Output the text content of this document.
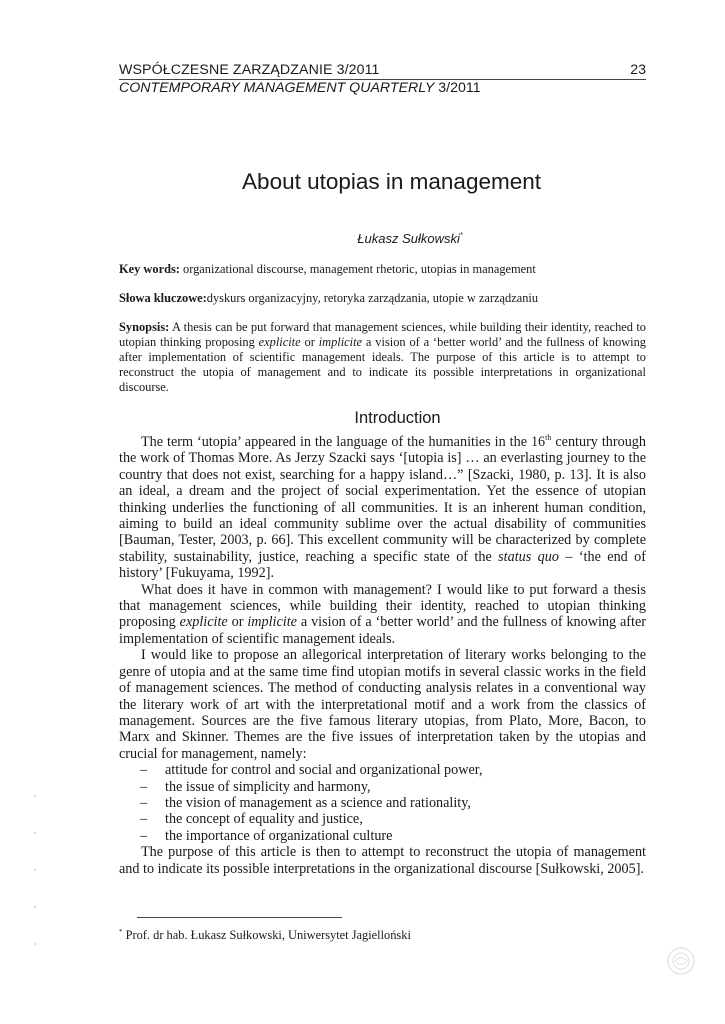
WSPÓŁCZESNE ZARZĄDZANIE 3/2011	23
CONTEMPORARY MANAGEMENT QUARTERLY 3/2011
About utopias in management
Łukasz Sułkowski*
Key words: organizational discourse, management rhetoric, utopias in management
Słowa kluczowe:dyskurs organizacyjny, retoryka zarządzania, utopie w zarządzaniu
Synopsis: A thesis can be put forward that management sciences, while building their identity, reached to utopian thinking proposing explicite or implicite a vision of a ‘better world’ and the fullness of knowing after implementation of scientific management ideals. The purpose of this article is to attempt to reconstruct the utopia of management and to indicate its possible interpretations in organizational discourse.
Introduction

The term ‘utopia’ appeared in the language of the humanities in the 16th century through the work of Thomas More. As Jerzy Szacki says ‘[utopia is] … an everlasting journey to the country that does not exist, searching for a happy island…” [Szacki, 1980, p. 13]. It is also an ideal, a dream and the project of social experimentation. Yet the essence of utopian thinking underlies the functioning of all communities. It is an inherent human condition, aiming to build an ideal community sublime over the actual disability of communities [Bauman, Tester, 2003, p. 66]. This excellent community will be characterized by complete stability, sustainability, justice, reaching a specific state of the status quo – ‘the end of history’ [Fukuyama, 1992].

What does it have in common with management? I would like to put forward a thesis that management sciences, while building their identity, reached to utopian thinking proposing explicite or implicite a vision of a ‘better world’ and the fullness of knowing after implementation of scientific management ideals.

I would like to propose an allegorical interpretation of literary works belonging to the genre of utopia and at the same time find utopian motifs in several classic works in the field of management sciences. The method of conducting analysis relates in a conventional way the literary work of art with the interpretational motif and a work from the classics of management. Sources are the five famous literary utopias, from Plato, More, Bacon, to Marx and Skinner. Themes are the five issues of interpretation taken by the utopias and crucial for management, namely:

– attitude for control and social and organizational power,
– the issue of simplicity and harmony,
– the vision of management as a science and rationality,
– the concept of equality and justice,
– the importance of organizational culture

The purpose of this article is then to attempt to reconstruct the utopia of management and to indicate its possible interpretations in the organizational discourse [Sułkowski, 2005].

* Prof. dr hab. Łukasz Sułkowski, Uniwersytet Jagielloński
